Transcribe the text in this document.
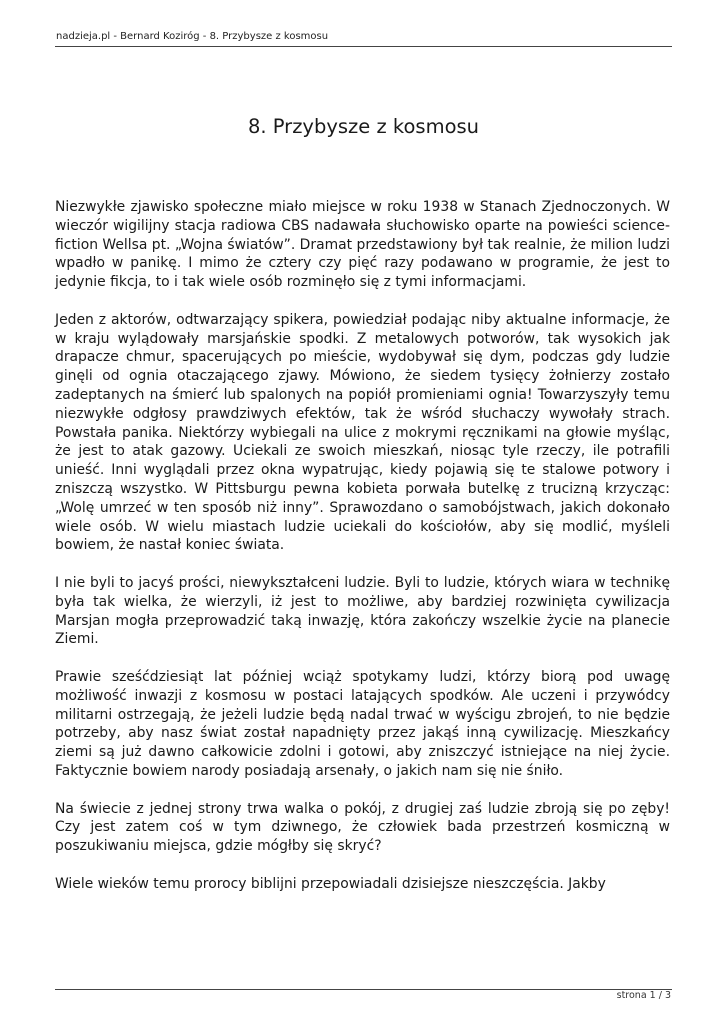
nadzieja.pl - Bernard Koziróg - 8. Przybysze z kosmosu
8. Przybysze z kosmosu

Niezwykłe zjawisko społeczne miało miejsce w roku 1938 w Stanach Zjednoczonych. W wieczór wigilijny stacja radiowa CBS nadawała słuchowisko oparte na powieści science-fiction Wellsa pt. „Wojna światów”. Dramat przedstawiony był tak realnie, że milion ludzi wpadło w panikę. I mimo że cztery czy pięć razy podawano w programie, że jest to jedynie fikcja, to i tak wiele osób rozminęło się z tymi informacjami.

Jeden z aktorów, odtwarzający spikera, powiedział podając niby aktualne informacje, że w kraju wylądowały marsjańskie spodki. Z metalowych potworów, tak wysokich jak drapacze chmur, spacerujących po mieście, wydobywał się dym, podczas gdy ludzie ginęli od ognia otaczającego zjawy. Mówiono, że siedem tysięcy żołnierzy zostało zadeptanych na śmierć lub spalonych na popiół promieniami ognia! Towarzyszyły temu niezwykłe odgłosy prawdziwych efektów, tak że wśród słuchaczy wywołały strach. Powstała panika. Niektórzy wybiegali na ulice z mokrymi ręcznikami na głowie myśląc, że jest to atak gazowy. Uciekali ze swoich mieszkań, niosąc tyle rzeczy, ile potrafili unieść. Inni wyglądali przez okna wypatrując, kiedy pojawią się te stalowe potwory i zniszczą wszystko. W Pittsburgu pewna kobieta porwała butelkę z trucizną krzycząc: „Wolę umrzeć w ten sposób niż inny”. Sprawozdano o samobójstwach, jakich dokonało wiele osób. W wielu miastach ludzie uciekali do kościołów, aby się modlić, myśleli bowiem, że nastał koniec świata.

I nie byli to jacyś prości, niewykształceni ludzie. Byli to ludzie, których wiara w technikę była tak wielka, że wierzyli, iż jest to możliwe, aby bardziej rozwinięta cywilizacja Marsjan mogła przeprowadzić taką inwazję, która zakończy wszelkie życie na planecie Ziemi.

Prawie sześćdziesiąt lat później wciąż spotykamy ludzi, którzy biorą pod uwagę możliwość inwazji z kosmosu w postaci latających spodków. Ale uczeni i przywódcy militarni ostrzegają, że jeżeli ludzie będą nadal trwać w wyścigu zbrojeń, to nie będzie potrzeby, aby nasz świat został napadnięty przez jakąś inną cywilizację. Mieszkańcy ziemi są już dawno całkowicie zdolni i gotowi, aby zniszczyć istniejące na niej życie. Faktycznie bowiem narody posiadają arsenały, o jakich nam się nie śniło.

Na świecie z jednej strony trwa walka o pokój, z drugiej zaś ludzie zbroją się po zęby! Czy jest zatem coś w tym dziwnego, że człowiek bada przestrzeń kosmiczną w poszukiwaniu miejsca, gdzie mógłby się skryć?

Wiele wieków temu prorocy biblijni przepowiadali dzisiejsze nieszczęścia. Jakby

strona 1 / 3
